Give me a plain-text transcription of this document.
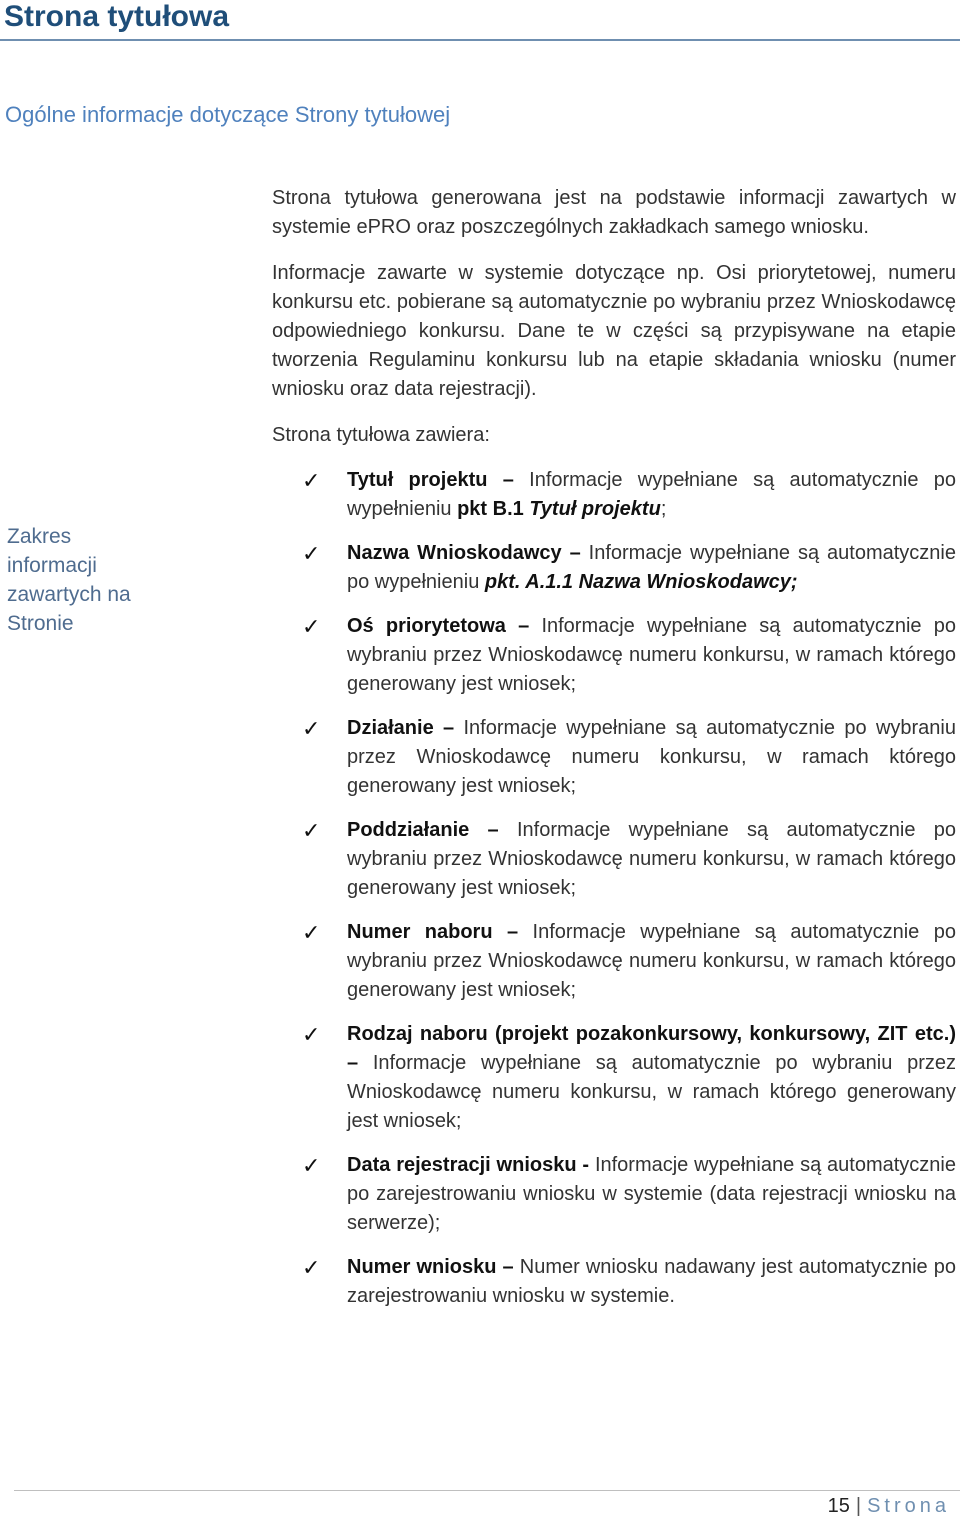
Strona tytułowa
Ogólne informacje dotyczące Strony tytułowej
Zakres informacji zawartych na Stronie

Strona tytułowa generowana jest na podstawie informacji zawartych w systemie ePRO oraz poszczególnych zakładkach samego wniosku.

Informacje zawarte w systemie dotyczące np. Osi priorytetowej, numeru konkursu etc. pobierane są automatycznie po wybraniu przez Wnioskodawcę odpowiedniego konkursu. Dane te w części są przypisywane na etapie tworzenia Regulaminu konkursu lub na etapie składania wniosku (numer wniosku oraz data rejestracji).

Strona tytułowa zawiera:

✓ Tytuł projektu – Informacje wypełniane są automatycznie po wypełnieniu pkt B.1 Tytuł projektu;
✓ Nazwa Wnioskodawcy – Informacje wypełniane są automatycznie po wypełnieniu pkt. A.1.1 Nazwa Wnioskodawcy;
✓ Oś priorytetowa – Informacje wypełniane są automatycznie po wybraniu przez Wnioskodawcę numeru konkursu, w ramach którego generowany jest wniosek;
✓ Działanie – Informacje wypełniane są automatycznie po wybraniu przez Wnioskodawcę numeru konkursu, w ramach którego generowany jest wniosek;
✓ Poddziałanie – Informacje wypełniane są automatycznie po wybraniu przez Wnioskodawcę numeru konkursu, w ramach którego generowany jest wniosek;
✓ Numer naboru – Informacje wypełniane są automatycznie po wybraniu przez Wnioskodawcę numeru konkursu, w ramach którego generowany jest wniosek;
✓ Rodzaj naboru (projekt pozakonkursowy, konkursowy, ZIT etc.) – Informacje wypełniane są automatycznie po wybraniu przez Wnioskodawcę numeru konkursu, w ramach którego generowany jest wniosek;
✓ Data rejestracji wniosku - Informacje wypełniane są automatycznie po zarejestrowaniu wniosku w systemie (data rejestracji wniosku na serwerze);
✓ Numer wniosku – Numer wniosku nadawany jest automatycznie po zarejestrowaniu wniosku w systemie.
15 | Strona
